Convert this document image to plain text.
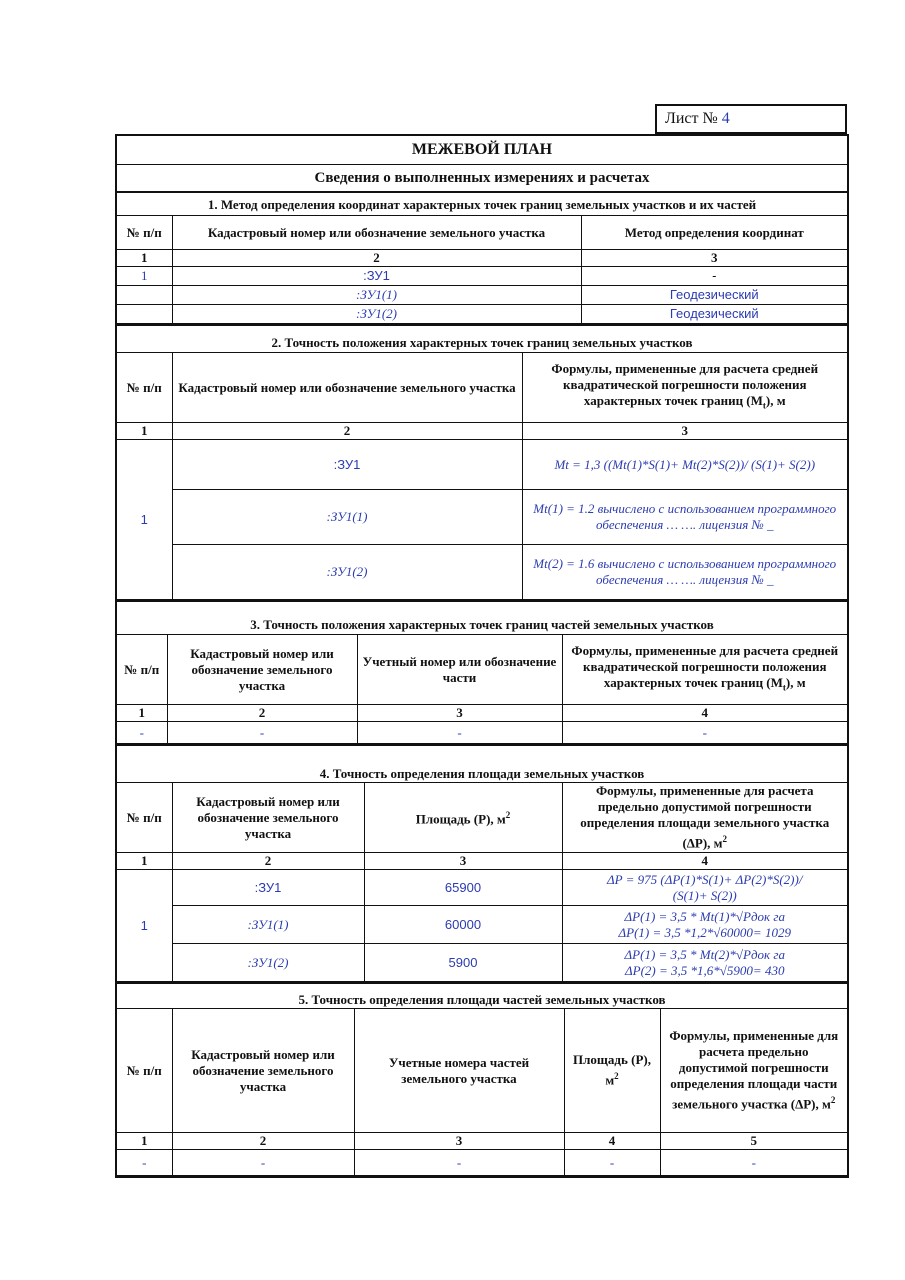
Лист № 4
МЕЖЕВОЙ ПЛАН
Сведения о выполненных измерениях и расчетах
1. Метод определения координат характерных точек границ земельных участков и их частей
№ п/п	Кадастровый номер или обозначение земельного участка	Метод определения координат
1	2	3
1	:ЗУ1	-
	:ЗУ1(1)	Геодезический
	:ЗУ1(2)	Геодезический
2. Точность положения характерных точек границ земельных участков
№ п/п	Кадастровый номер или обозначение земельного участка	Формулы, примененные для расчета средней квадратической погрешности положения характерных точек границ $(M_t)$, м
1	2	3
1	:ЗУ1	Mt = 1,3 ((Mt(1)*S(1)+ Mt(2)*S(2))/ (S(1)+ S(2))
	:ЗУ1(1)	Mt(1) = 1.2 вычислено с использованием программного обеспечения … …. лицензия № _
	:ЗУ1(2)	Mt(2) = 1.6 вычислено с использованием программного обеспечения … …. лицензия № _
3. Точность положения характерных точек границ частей земельных участков
№ п/п	Кадастровый номер или обозначение земельного участка	Учетный номер или обозначение части	Формулы, примененные для расчета средней квадратической погрешности положения характерных точек границ $(M_t)$, м
1	2	3	4
-	-	-	-
4. Точность определения площади земельных участков
№ п/п	Кадастровый номер или обозначение земельного участка	Площадь (P), $м^2$	Формулы, примененные для расчета предельно допустимой погрешности определения площади земельного участка (ΔP), $м^2$
1	2	3	4
1	:ЗУ1	65900	ΔP = 975 (ΔP(1)*S(1)+ ΔP(2)*S(2))/
(S(1)+ S(2))

	:ЗУ1(1)	60000	ΔP(1) = 3,5 * Mt(1)*√Pдок га
ΔP(1) = 3,5 *1,2*√60000= 1029

	:ЗУ1(2)	5900	ΔP(1) = 3,5 * Mt(2)*√Pдок га
ΔP(2) = 3,5 *1,6*√5900= 430
5. Точность определения площади частей земельных участков
№ п/п	Кадастровый номер или обозначение земельного участка	Учетные номера частей земельного участка	Площадь (P), $м^2$	Формулы, примененные для расчета предельно допустимой погрешности определения площади части земельного участка (ΔP), $м^2$
1	2	3	4	5
-	-	-	-	-
